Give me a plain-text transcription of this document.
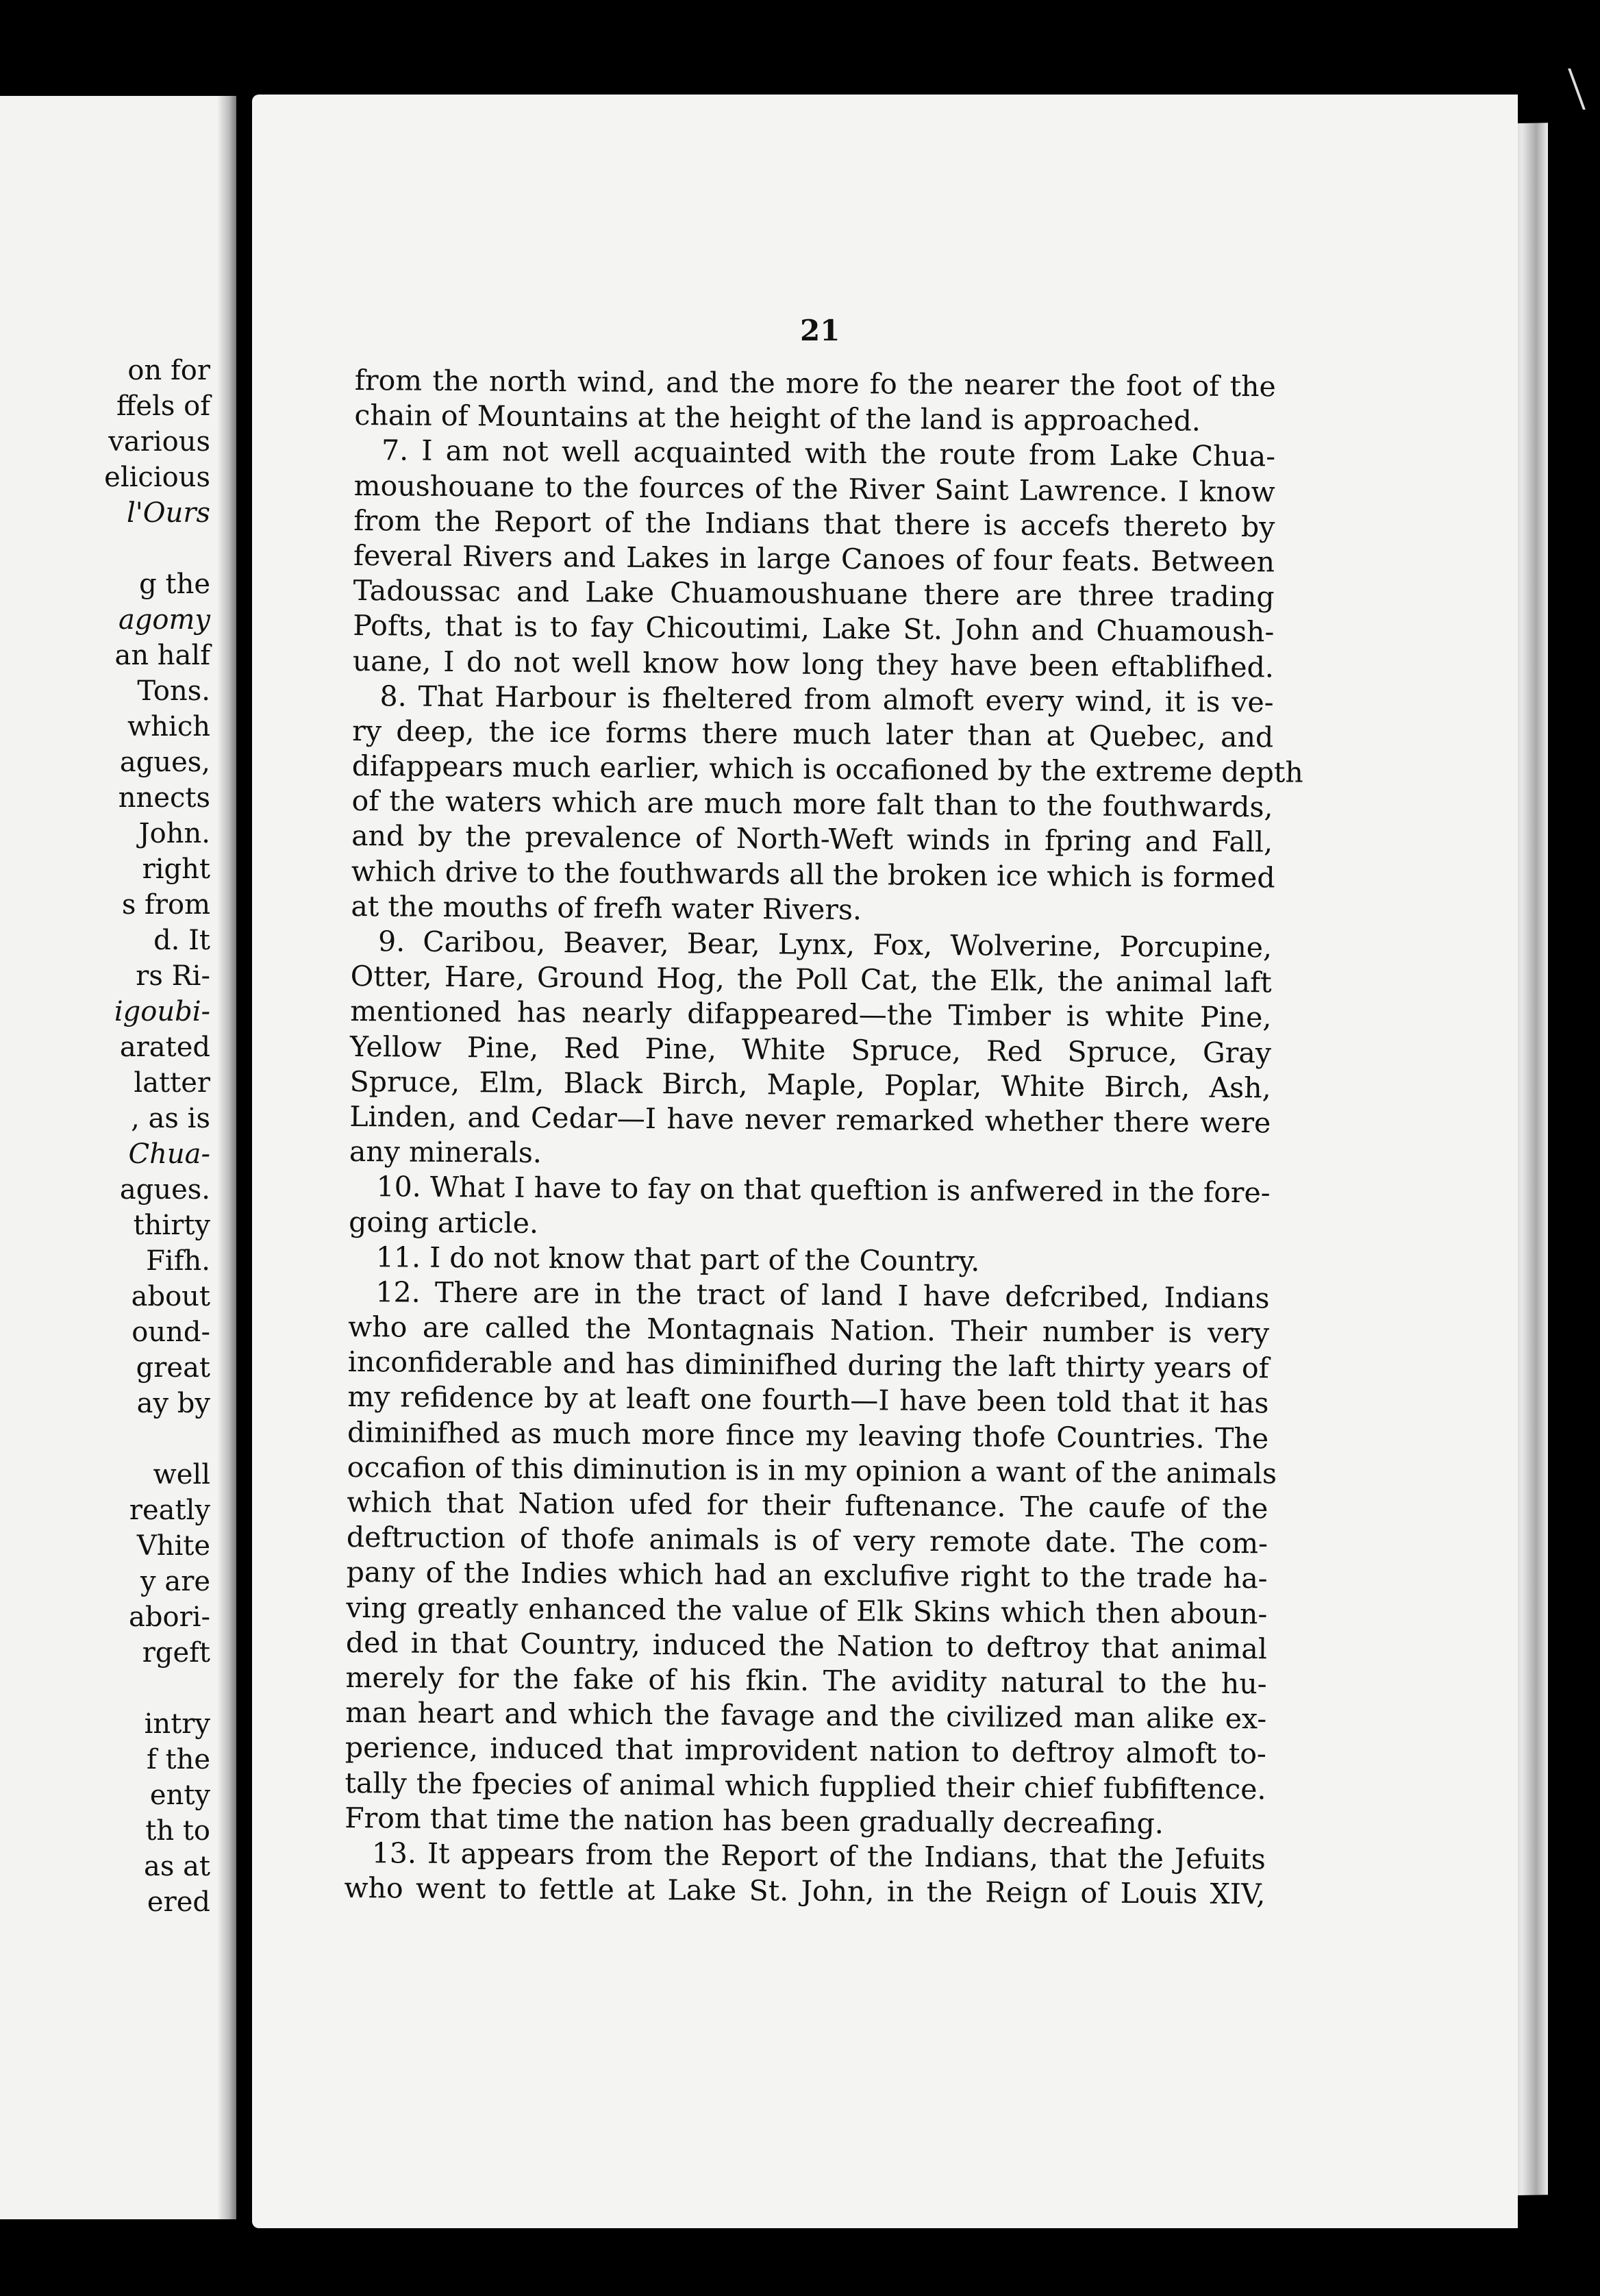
on for
ffels of
various
elicious
l'Ours
g the
agomy
an half
Tons.
which
agues,
nnects
John.
right
s from
d. It
rs Ri-
igoubi-
arated
latter
, as is
Chua-
agues.
thirty
Fifh.
about
ound-
great
ay by
well
reatly
Vhite
y are
abori-
rgeft
intry
f the
enty
th to
as at
ered
21
from the north wind, and the more fo the nearer the foot of the
chain of Mountains at the height of the land is approached.
7. I am not well acquainted with the route from Lake Chua-
moushouane to the fources of the River Saint Lawrence. I know
from the Report of the Indians that there is accefs thereto by
feveral Rivers and Lakes in large Canoes of four feats. Between
Tadoussac and Lake Chuamoushuane there are three trading
Pofts, that is to fay Chicoutimi, Lake St. John and Chuamoush-
uane, I do not well know how long they have been eftablifhed.
8. That Harbour is fheltered from almoft every wind, it is ve-
ry deep, the ice forms there much later than at Quebec, and
difappears much earlier, which is occafioned by the extreme depth
of the waters which are much more falt than to the fouthwards,
and by the prevalence of North-Weft winds in fpring and Fall,
which drive to the fouthwards all the broken ice which is formed
at the mouths of frefh water Rivers.
9. Caribou, Beaver, Bear, Lynx, Fox, Wolverine, Porcupine,
Otter, Hare, Ground Hog, the Poll Cat, the Elk, the animal laft
mentioned has nearly difappeared—the Timber is white Pine,
Yellow Pine, Red Pine, White Spruce, Red Spruce, Gray
Spruce, Elm, Black Birch, Maple, Poplar, White Birch, Ash,
Linden, and Cedar—I have never remarked whether there were
any minerals.
10. What I have to fay on that queftion is anfwered in the fore-
going article.
11. I do not know that part of the Country.
12. There are in the tract of land I have defcribed, Indians
who are called the Montagnais Nation. Their number is very
inconfiderable and has diminifhed during the laft thirty years of
my refidence by at leaft one fourth—I have been told that it has
diminifhed as much more fince my leaving thofe Countries. The
occafion of this diminution is in my opinion a want of the animals
which that Nation ufed for their fuftenance. The caufe of the
deftruction of thofe animals is of very remote date. The com-
pany of the Indies which had an exclufive right to the trade ha-
ving greatly enhanced the value of Elk Skins which then aboun-
ded in that Country, induced the Nation to deftroy that animal
merely for the fake of his fkin. The avidity natural to the hu-
man heart and which the favage and the civilized man alike ex-
perience, induced that improvident nation to deftroy almoft to-
tally the fpecies of animal which fupplied their chief fubfiftence.
From that time the nation has been gradually decreafing.
13. It appears from the Report of the Indians, that the Jefuits
who went to fettle at Lake St. John, in the Reign of Louis XIV,
